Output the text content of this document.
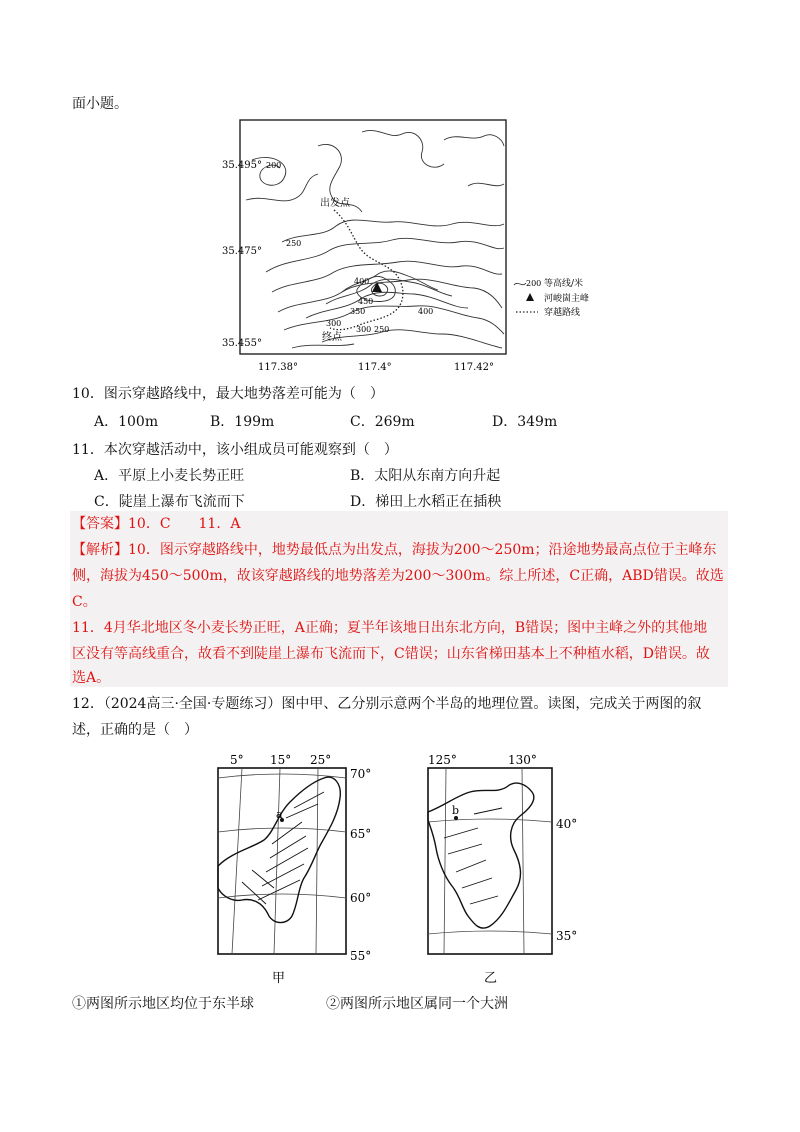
面小题。
35.495°
35.475°
35.455°
117.38°	117.4°	117.42°
200
250
400
450
350	400
300
300 250
出发点
终点
200 等高线/米
河峻崮主峰
穿越路线
10．图示穿越路线中，最大地势落差可能为（　）
A．100m	B．199m	C．269m	D．349m
11．本次穿越活动中，该小组成员可能观察到（　）
A．平原上小麦长势正旺	B．太阳从东南方向升起
C．陡崖上瀑布飞流而下	D．梯田上水稻正在插秧
【答案】10．C　　11．A
【解析】10．图示穿越路线中，地势最低点为出发点，海拔为200～250m；沿途地势最高点位于主峰东
侧，海拔为450～500m，故该穿越路线的地势落差为200～300m。综上所述，C正确，ABD错误。故选
C。
11．4月华北地区冬小麦长势正旺，A正确；夏半年该地日出东北方向，B错误；图中主峰之外的其他地
区没有等高线重合，故看不到陡崖上瀑布飞流而下，C错误；山东省梯田基本上不种植水稻，D错误。故
选A。
12．（2024高三·全国·专题练习）图中甲、乙分别示意两个半岛的地理位置。读图，完成关于两图的叙
述，正确的是（　）
a
5° 15° 25°
70°
65°
60°
55°
甲
b
125°	130°
40°
35°
乙
①两图所示地区均位于东半球	②两图所示地区属同一个大洲
